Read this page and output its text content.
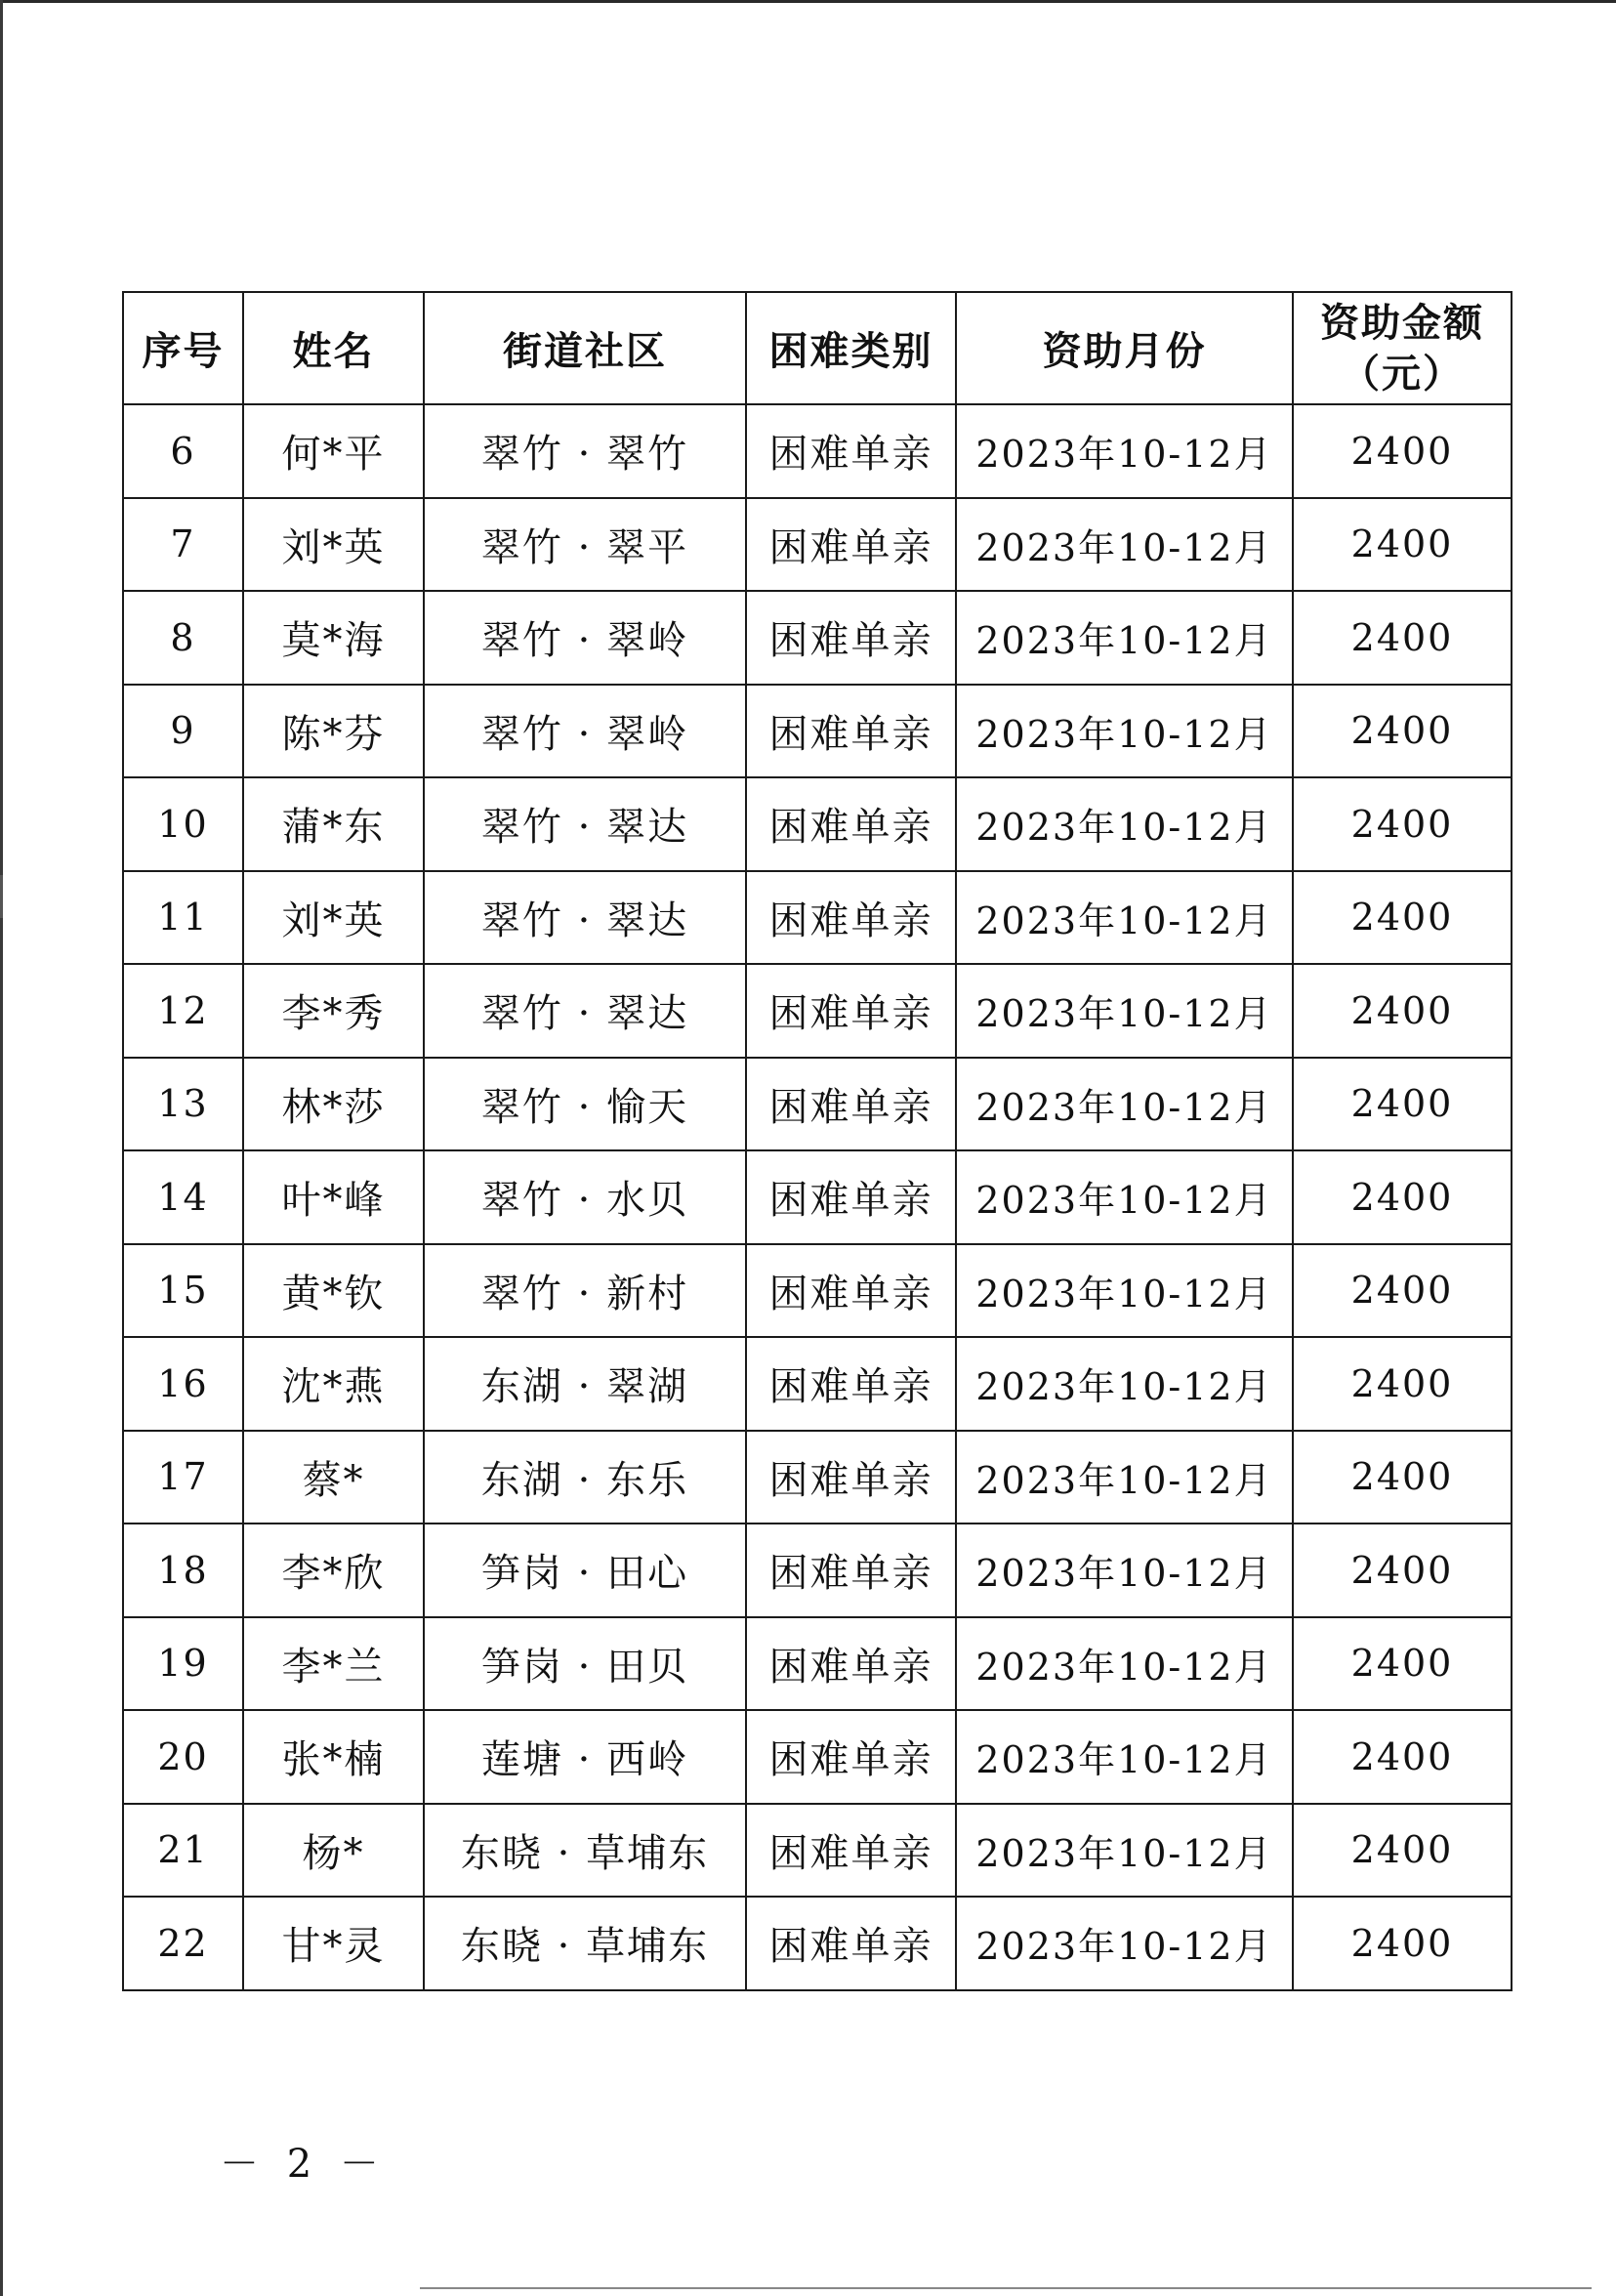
序号	姓名	街道社区	困难类别	资助月份	资助金额
（元）

6	何*平	翠竹 · 翠竹	困难单亲	2023年10-12月	2400
7	刘*英	翠竹 · 翠平	困难单亲	2023年10-12月	2400
8	莫*海	翠竹 · 翠岭	困难单亲	2023年10-12月	2400
9	陈*芬	翠竹 · 翠岭	困难单亲	2023年10-12月	2400
10	蒲*东	翠竹 · 翠达	困难单亲	2023年10-12月	2400
11	刘*英	翠竹 · 翠达	困难单亲	2023年10-12月	2400
12	李*秀	翠竹 · 翠达	困难单亲	2023年10-12月	2400
13	林*莎	翠竹 · 愉天	困难单亲	2023年10-12月	2400
14	叶*峰	翠竹 · 水贝	困难单亲	2023年10-12月	2400
15	黄*钦	翠竹 · 新村	困难单亲	2023年10-12月	2400
16	沈*燕	东湖 · 翠湖	困难单亲	2023年10-12月	2400
17	蔡*	东湖 · 东乐	困难单亲	2023年10-12月	2400
18	李*欣	笋岗 · 田心	困难单亲	2023年10-12月	2400
19	李*兰	笋岗 · 田贝	困难单亲	2023年10-12月	2400
20	张*楠	莲塘 · 西岭	困难单亲	2023年10-12月	2400
21	杨*	东晓 · 草埔东	困难单亲	2023年10-12月	2400
22	甘*灵	东晓 · 草埔东	困难单亲	2023年10-12月	2400
－ 2 －
